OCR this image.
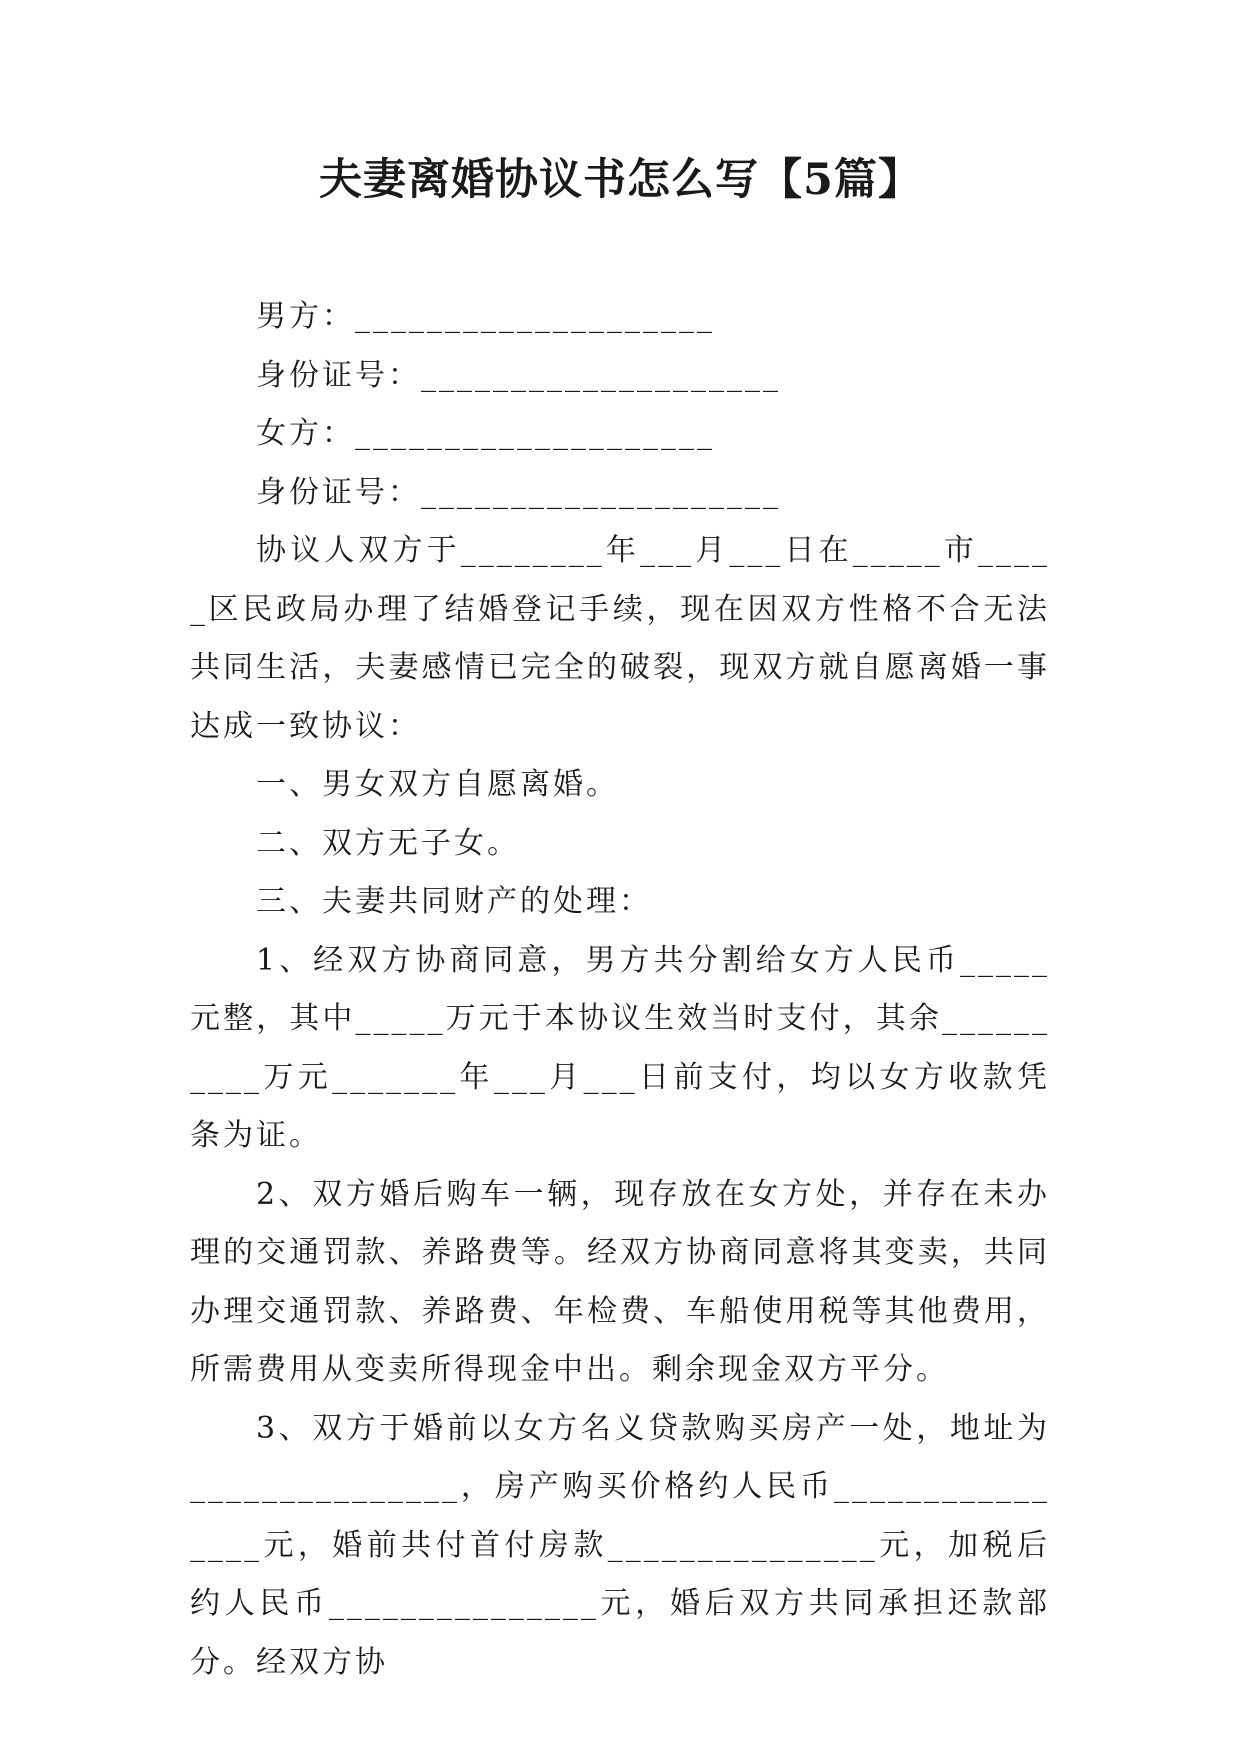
夫妻离婚协议书怎么写【5篇】

男方：____________________

身份证号：____________________

女方：____________________

身份证号：____________________

协议人双方于________年___月___日在_____市_____区民政局办理了结婚登记手续，现在因双方性格不合无法共同生活，夫妻感情已完全的破裂，现双方就自愿离婚一事达成一致协议：

一、男女双方自愿离婚。

二、双方无子女。

三、夫妻共同财产的处理：

1、经双方协商同意，男方共分割给女方人民币_____元整，其中_____万元于本协议生效当时支付，其余__________万元_______年___月___日前支付，均以女方收款凭条为证。

2、双方婚后购车一辆，现存放在女方处，并存在未办理的交通罚款、养路费等。经双方协商同意将其变卖，共同办理交通罚款、养路费、年检费、车船使用税等其他费用，所需费用从变卖所得现金中出。剩余现金双方平分。

3、双方于婚前以女方名义贷款购买房产一处，地址为_______________，房产购买价格约人民币________________元，婚前共付首付房款_______________元，加税后约人民币_______________元，婚后双方共同承担还款部分。经双方协
